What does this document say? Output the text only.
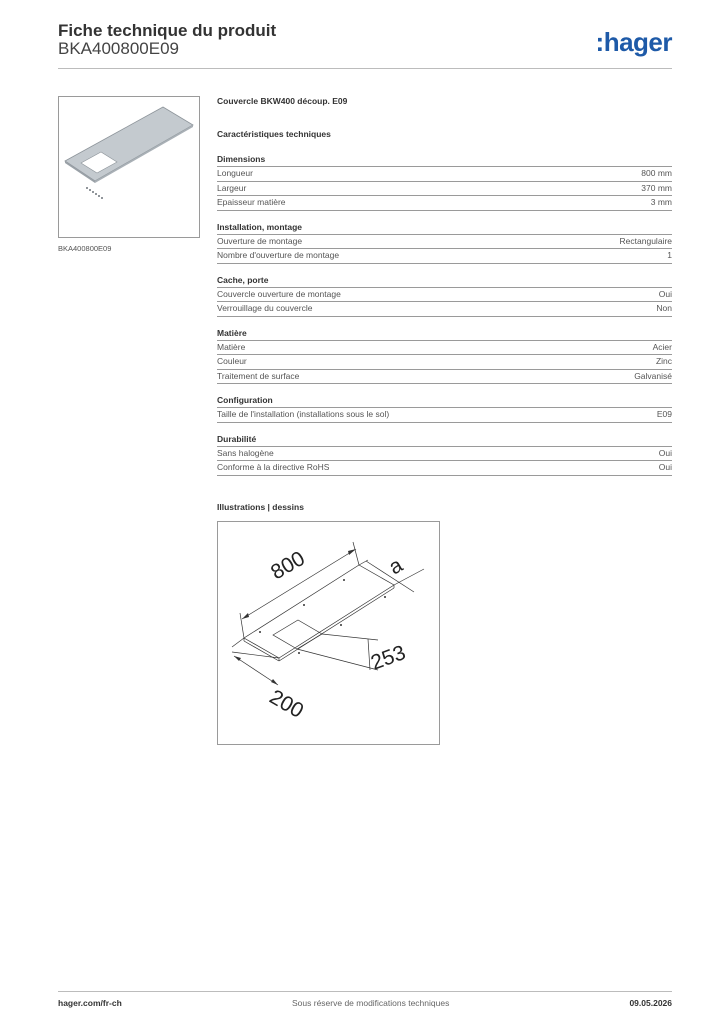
Fiche technique du produit
BKA400800E09	:hager
BKA400800E09
Couvercle BKW400 découp. E09
Caractéristiques techniques
Dimensions
Longueur	800 mm
Largeur	370 mm
Epaisseur matière	3 mm
Installation, montage
Ouverture de montage	Rectangulaire
Nombre d'ouverture de montage	1
Cache, porte
Couvercle ouverture de montage	Oui
Verrouillage du couvercle	Non
Matière
Matière	Acier
Couleur	Zinc
Traitement de surface	Galvanisé
Configuration
Taille de l'installation (installations sous le sol)	E09
Durabilité
Sans halogène	Oui
Conforme à la directive RoHS	Oui
Illustrations | dessins
800	a
253
200
hager.com/fr-ch	Sous réserve de modifications techniques	09.05.2026
